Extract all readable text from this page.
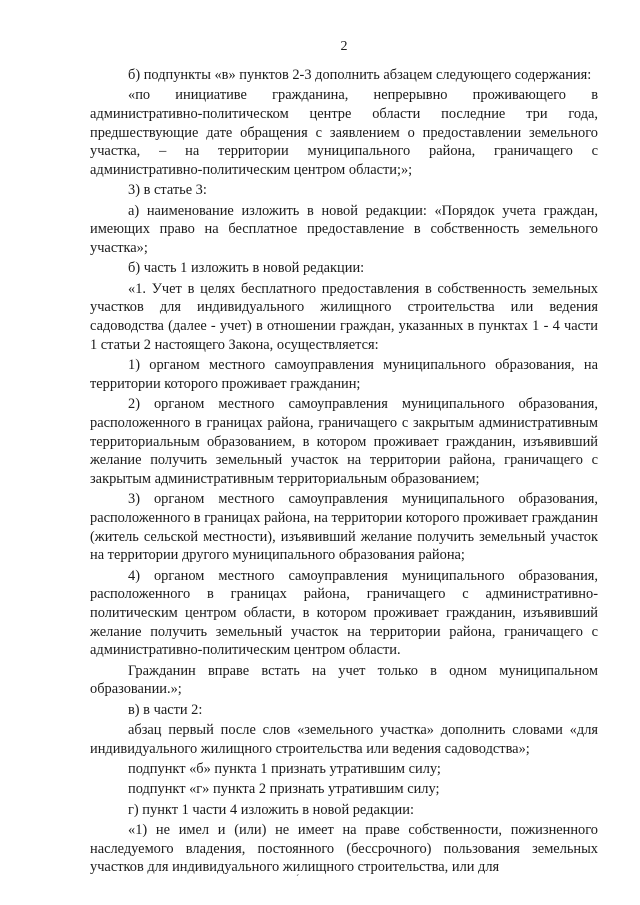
2

б) подпункты «в» пунктов 2-3 дополнить абзацем следующего содержания:

«по инициативе гражданина, непрерывно проживающего в административно-политическом центре области последние три года, предшествующие дате обращения с заявлением о предоставлении земельного участка, – на территории муниципального района, граничащего с административно-политическим центром области;»;

3) в статье 3:

а) наименование изложить в новой редакции: «Порядок учета граждан, имеющих право на бесплатное предоставление в собственность земельного участка»;

б) часть 1 изложить в новой редакции:

«1. Учет в целях бесплатного предоставления в собственность земельных участков для индивидуального жилищного строительства или ведения садоводства (далее - учет) в отношении граждан, указанных в пунктах 1 - 4 части 1 статьи 2 настоящего Закона, осуществляется:

1) органом местного самоуправления муниципального образования, на территории которого проживает гражданин;

2) органом местного самоуправления муниципального образования, расположенного в границах района, граничащего с закрытым административным территориальным образованием, в котором проживает гражданин, изъявивший желание получить земельный участок на территории района, граничащего с закрытым административным территориальным образованием;

3) органом местного самоуправления муниципального образования, расположенного в границах района, на территории которого проживает гражданин (житель сельской местности), изъявивший желание получить земельный участок на территории другого муниципального образования района;

4) органом местного самоуправления муниципального образования, расположенного в границах района, граничащего с административно-политическим центром области, в котором проживает гражданин, изъявивший желание получить земельный участок на территории района, граничащего с административно-политическим центром области.

Гражданин вправе встать на учет только в одном муниципальном образовании.»;

в) в части 2:

абзац первый после слов «земельного участка» дополнить словами «для индивидуального жилищного строительства или ведения садоводства»;

подпункт «б» пункта 1 признать утратившим силу;

подпункт «г» пункта 2 признать утратившим силу;

г) пункт 1 части 4 изложить в новой редакции:

«1) не имел и (или) не имеет на праве собственности, пожизненного наследуемого владения, постоянного (бессрочного) пользования земельных участков для индивидуального жилищного строительства, или для

´
